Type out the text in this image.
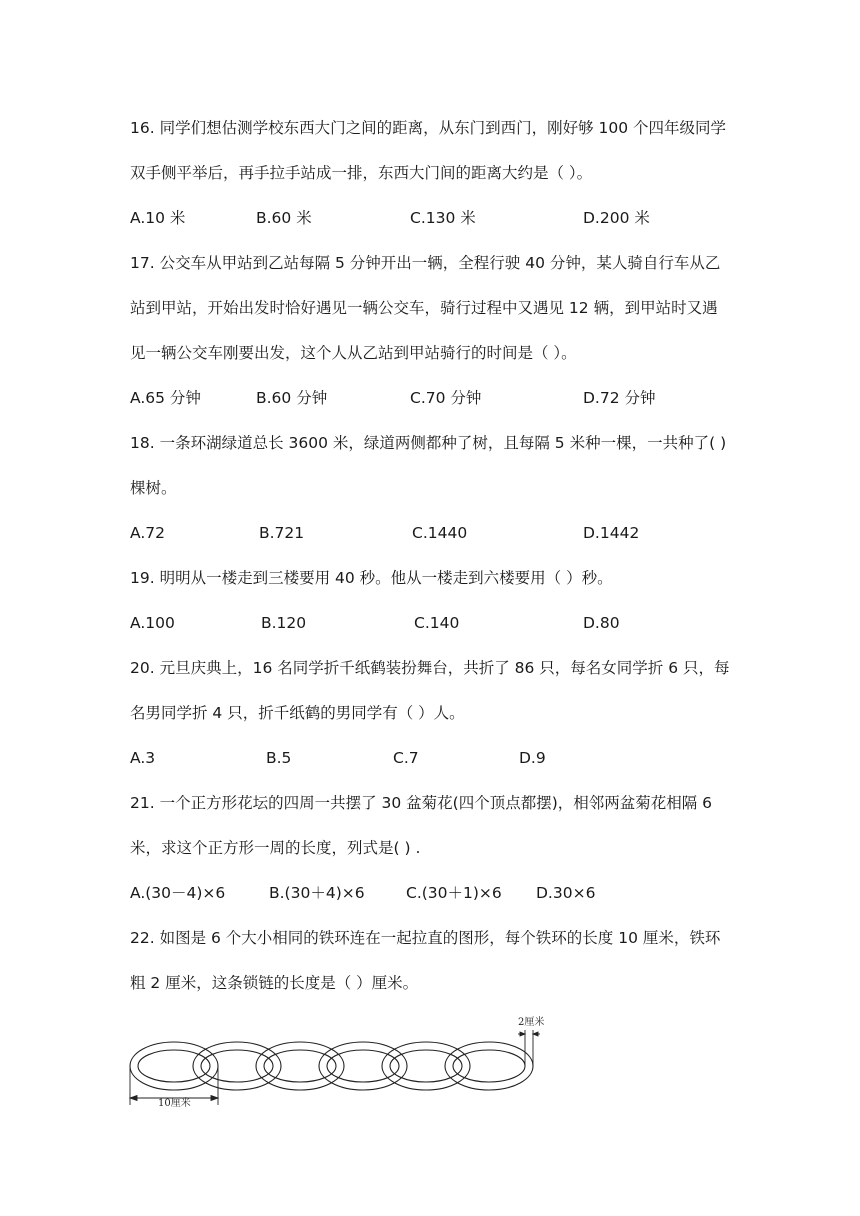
16. 同学们想估测学校东西大门之间的距离，从东门到西门，刚好够 100 个四年级同学
双手侧平举后，再手拉手站成一排，东西大门间的距离大约是（ ）。
A.10 米	B.60 米	C.130 米	D.200 米
17. 公交车从甲站到乙站每隔 5 分钟开出一辆，全程行驶 40 分钟，某人骑自行车从乙
站到甲站，开始出发时恰好遇见一辆公交车，骑行过程中又遇见 12 辆，到甲站时又遇
见一辆公交车刚要出发，这个人从乙站到甲站骑行的时间是（ ）。
A.65 分钟	B.60 分钟	C.70 分钟	D.72 分钟
18. 一条环湖绿道总长 3600 米，绿道两侧都种了树，且每隔 5 米种一棵，一共种了( )
棵树。
A.72	B.721	C.1440	D.1442
19. 明明从一楼走到三楼要用 40 秒。他从一楼走到六楼要用（ ）秒。
A.100	B.120	C.140	D.80
20. 元旦庆典上，16 名同学折千纸鹤装扮舞台，共折了 86 只，每名女同学折 6 只，每
名男同学折 4 只，折千纸鹤的男同学有（ ）人。
A.3	B.5	C.7	D.9
21. 一个正方形花坛的四周一共摆了 30 盆菊花(四个顶点都摆)，相邻两盆菊花相隔 6
米，求这个正方形一周的长度，列式是( ) .
A.(30－4)×6	B.(30＋4)×6	C.(30＋1)×6 D.30×6
22. 如图是 6 个大小相同的铁环连在一起拉直的图形，每个铁环的长度 10 厘米，铁环
粗 2 厘米，这条锁链的长度是（ ）厘米。
10厘米
2厘米
